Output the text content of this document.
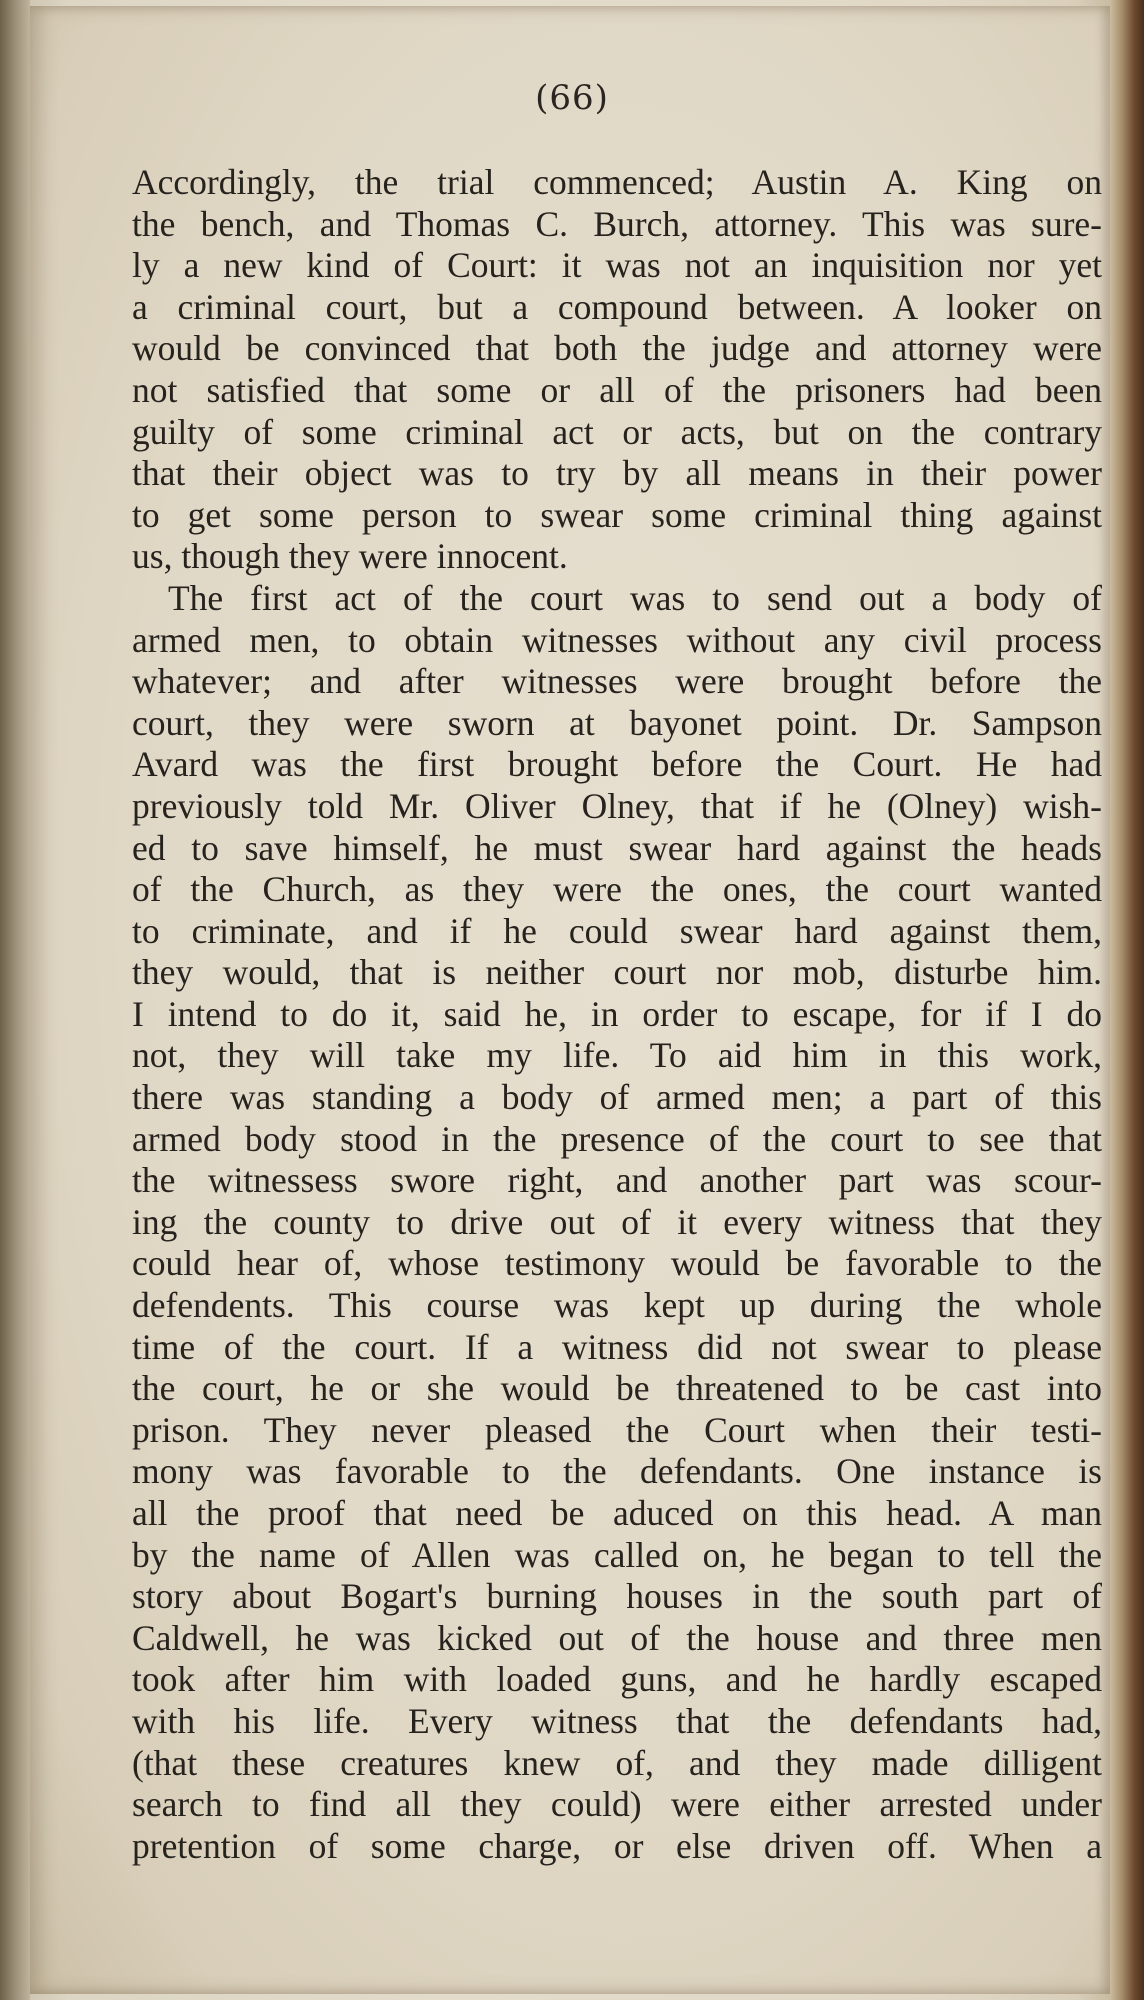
(66)
Accordingly, the trial commenced; Austin A. King on
the bench, and Thomas C. Burch, attorney. This was sure-
ly a new kind of Court: it was not an inquisition nor yet
a criminal court, but a compound between. A looker on
would be convinced that both the judge and attorney were
not satisfied that some or all of the prisoners had been
guilty of some criminal act or acts, but on the contrary
that their object was to try by all means in their power
to get some person to swear some criminal thing against
us, though they were innocent.
The first act of the court was to send out a body of
armed men, to obtain witnesses without any civil process
whatever; and after witnesses were brought before the
court, they were sworn at bayonet point. Dr. Sampson
Avard was the first brought before the Court. He had
previously told Mr. Oliver Olney, that if he (Olney) wish-
ed to save himself, he must swear hard against the heads
of the Church, as they were the ones, the court wanted
to criminate, and if he could swear hard against them,
they would, that is neither court nor mob, disturbe him.
I intend to do it, said he, in order to escape, for if I do
not, they will take my life. To aid him in this work,
there was standing a body of armed men; a part of this
armed body stood in the presence of the court to see that
the witnessess swore right, and another part was scour-
ing the county to drive out of it every witness that they
could hear of, whose testimony would be favorable to the
defendents. This course was kept up during the whole
time of the court. If a witness did not swear to please
the court, he or she would be threatened to be cast into
prison. They never pleased the Court when their testi-
mony was favorable to the defendants. One instance is
all the proof that need be aduced on this head. A man
by the name of Allen was called on, he began to tell the
story about Bogart's burning houses in the south part of
Caldwell, he was kicked out of the house and three men
took after him with loaded guns, and he hardly escaped
with his life. Every witness that the defendants had,
(that these creatures knew of, and they made dilligent
search to find all they could) were either arrested under
pretention of some charge, or else driven off. When a
